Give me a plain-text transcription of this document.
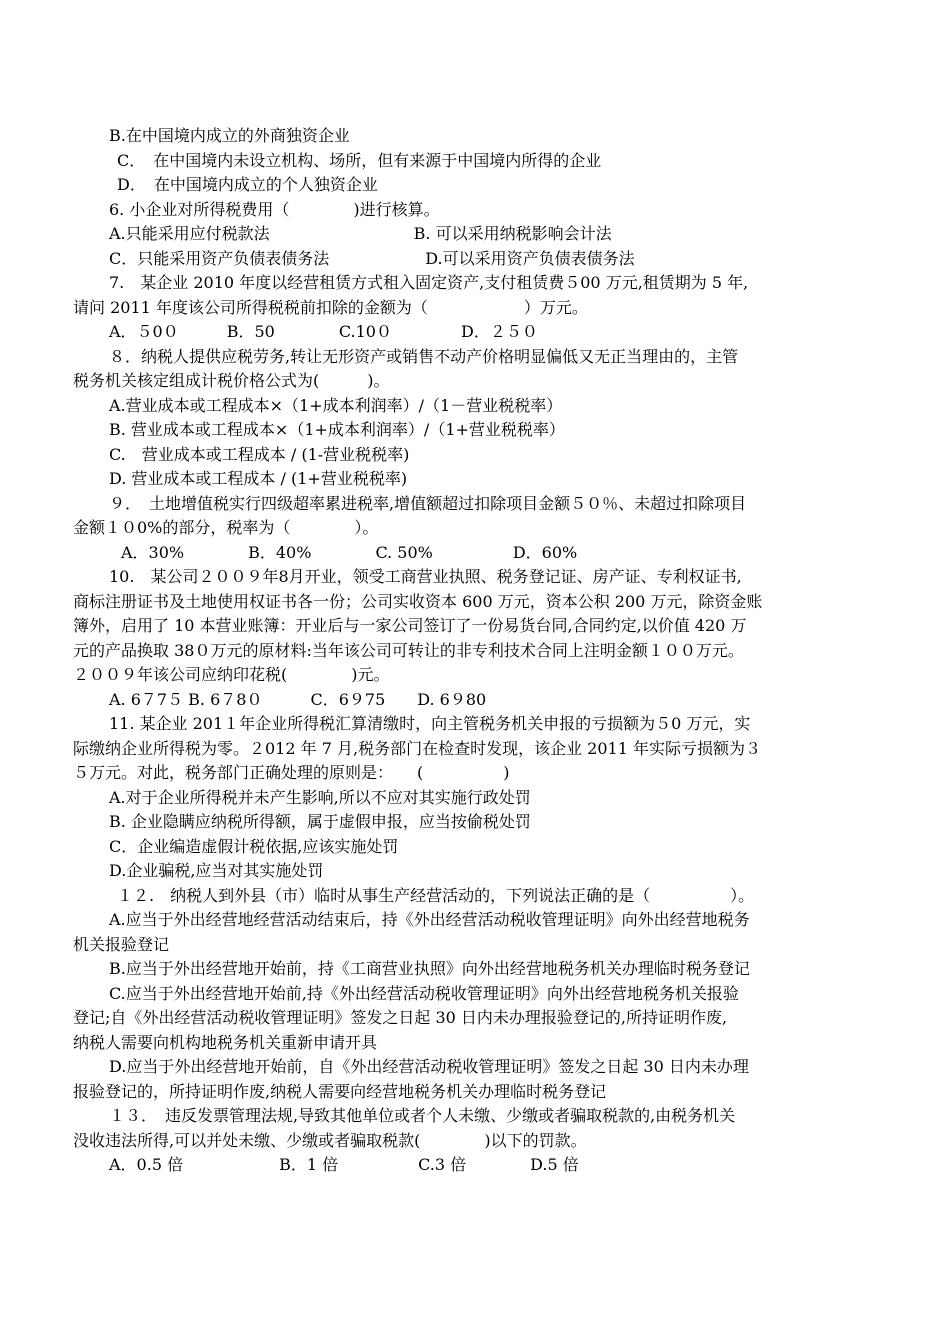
B.在中国境内成立的外商独资企业
C．　在中国境内未设立机构、场所，但有来源于中国境内所得的企业
D．　在中国境内成立的个人独资企业
6. 小企业对所得税费用（　　　　)进行核算。
A.只能采用应付税款法　　　　　　　　　B. 可以采用纳税影响会计法
C．只能采用资产负债表债务法　　　　　　D.可以采用资产负债表债务法
7.　某企业 2010 年度以经营租赁方式租入固定资产,支付租赁费５00 万元,租赁期为 5 年,
请问 2011 年度该公司所得税税前扣除的金额为（　　　　　　）万元。
A．５0０　　　B．50　　　　C.10０　　　　 D．２５０
８．纳税人提供应税劳务,转让无形资产或销售不动产价格明显偏低又无正当理由的，主管
税务机关核定组成计税价格公式为(　　　)。
A.营业成本或工程成本×（1+成本利润率）/（1－营业税税率）
B. 营业成本或工程成本×（1+成本利润率）/（1+营业税税率）
C.　营业成本或工程成本 / (1-营业税税率)
D. 营业成本或工程成本 / (1+营业税税率)
９．　土地增值税实行四级超率累进税率,增值额超过扣除项目金额５０％、未超过扣除项目
金额１０0%的部分，税率为（　　　　）。
A．30%　　　　B．40%　　　　C. 50%　　　　　D．60%
10.　某公司２００９年8月开业，领受工商营业执照、税务登记证、房产证、专利权证书,
商标注册证书及土地使用权证书各一份；公司实收资本 600 万元，资本公积 200 万元，除资金账
簿外，启用了 10 本营业账簿：开业后与一家公司签订了一份易货台同,合同约定,以价值 420 万
元的产品换取 38０万元的原材料:当年该公司可转让的非专利技术合同上注明金额１００万元。
２００９年该公司应纳印花税(　　　　)元。
A. 6７7５ B. 6７8０　　　C．6９75　　D. 6９80
11. 某企业 201１年企业所得税汇算清缴时，向主管税务机关申报的亏损额为５0 万元，实
际缴纳企业所得税为零。２012 年 7 月,税务部门在检查时发现，该企业 2011 年实际亏损额为３
５万元。对此，税务部门正确处理的原则是：　　(　　　　　)
A.对于企业所得税并未产生影响,所以不应对其实施行政处罚
B. 企业隐瞒应纳税所得额，属于虚假申报，应当按偷税处罚
C．企业编造虚假计税依据,应该实施处罚
D.企业骗税,应当对其实施处罚
１２.　纳税人到外县（市）临时从事生产经营活动的，下列说法正确的是（　　　　　）。
A.应当于外出经营地经营活动结束后，持《外出经营活动税收管理证明》向外出经营地税务
机关报验登记
B.应当于外出经营地开始前，持《工商营业执照》向外出经营地税务机关办理临时税务登记
C.应当于外出经营地开始前,持《外出经营活动税收管理证明》向外出经营地税务机关报验
登记;自《外出经营活动税收管理证明》签发之日起 30 日内未办理报验登记的,所持证明作废,
纳税人需要向机构地税务机关重新申请开具
D.应当于外出经营地开始前，自《外出经营活动税收管理证明》签发之日起 30 日内未办理
报验登记的，所持证明作废,纳税人需要向经营地税务机关办理临时税务登记
１３．　违反发票管理法规,导致其他单位或者个人未缴、少缴或者骗取税款的,由税务机关
没收违法所得,可以并处未缴、少缴或者骗取税款(　　　　)以下的罚款。
A．0.5 倍　　　　　　B．1 倍　　　　　C.3 倍　　　　D.5 倍
